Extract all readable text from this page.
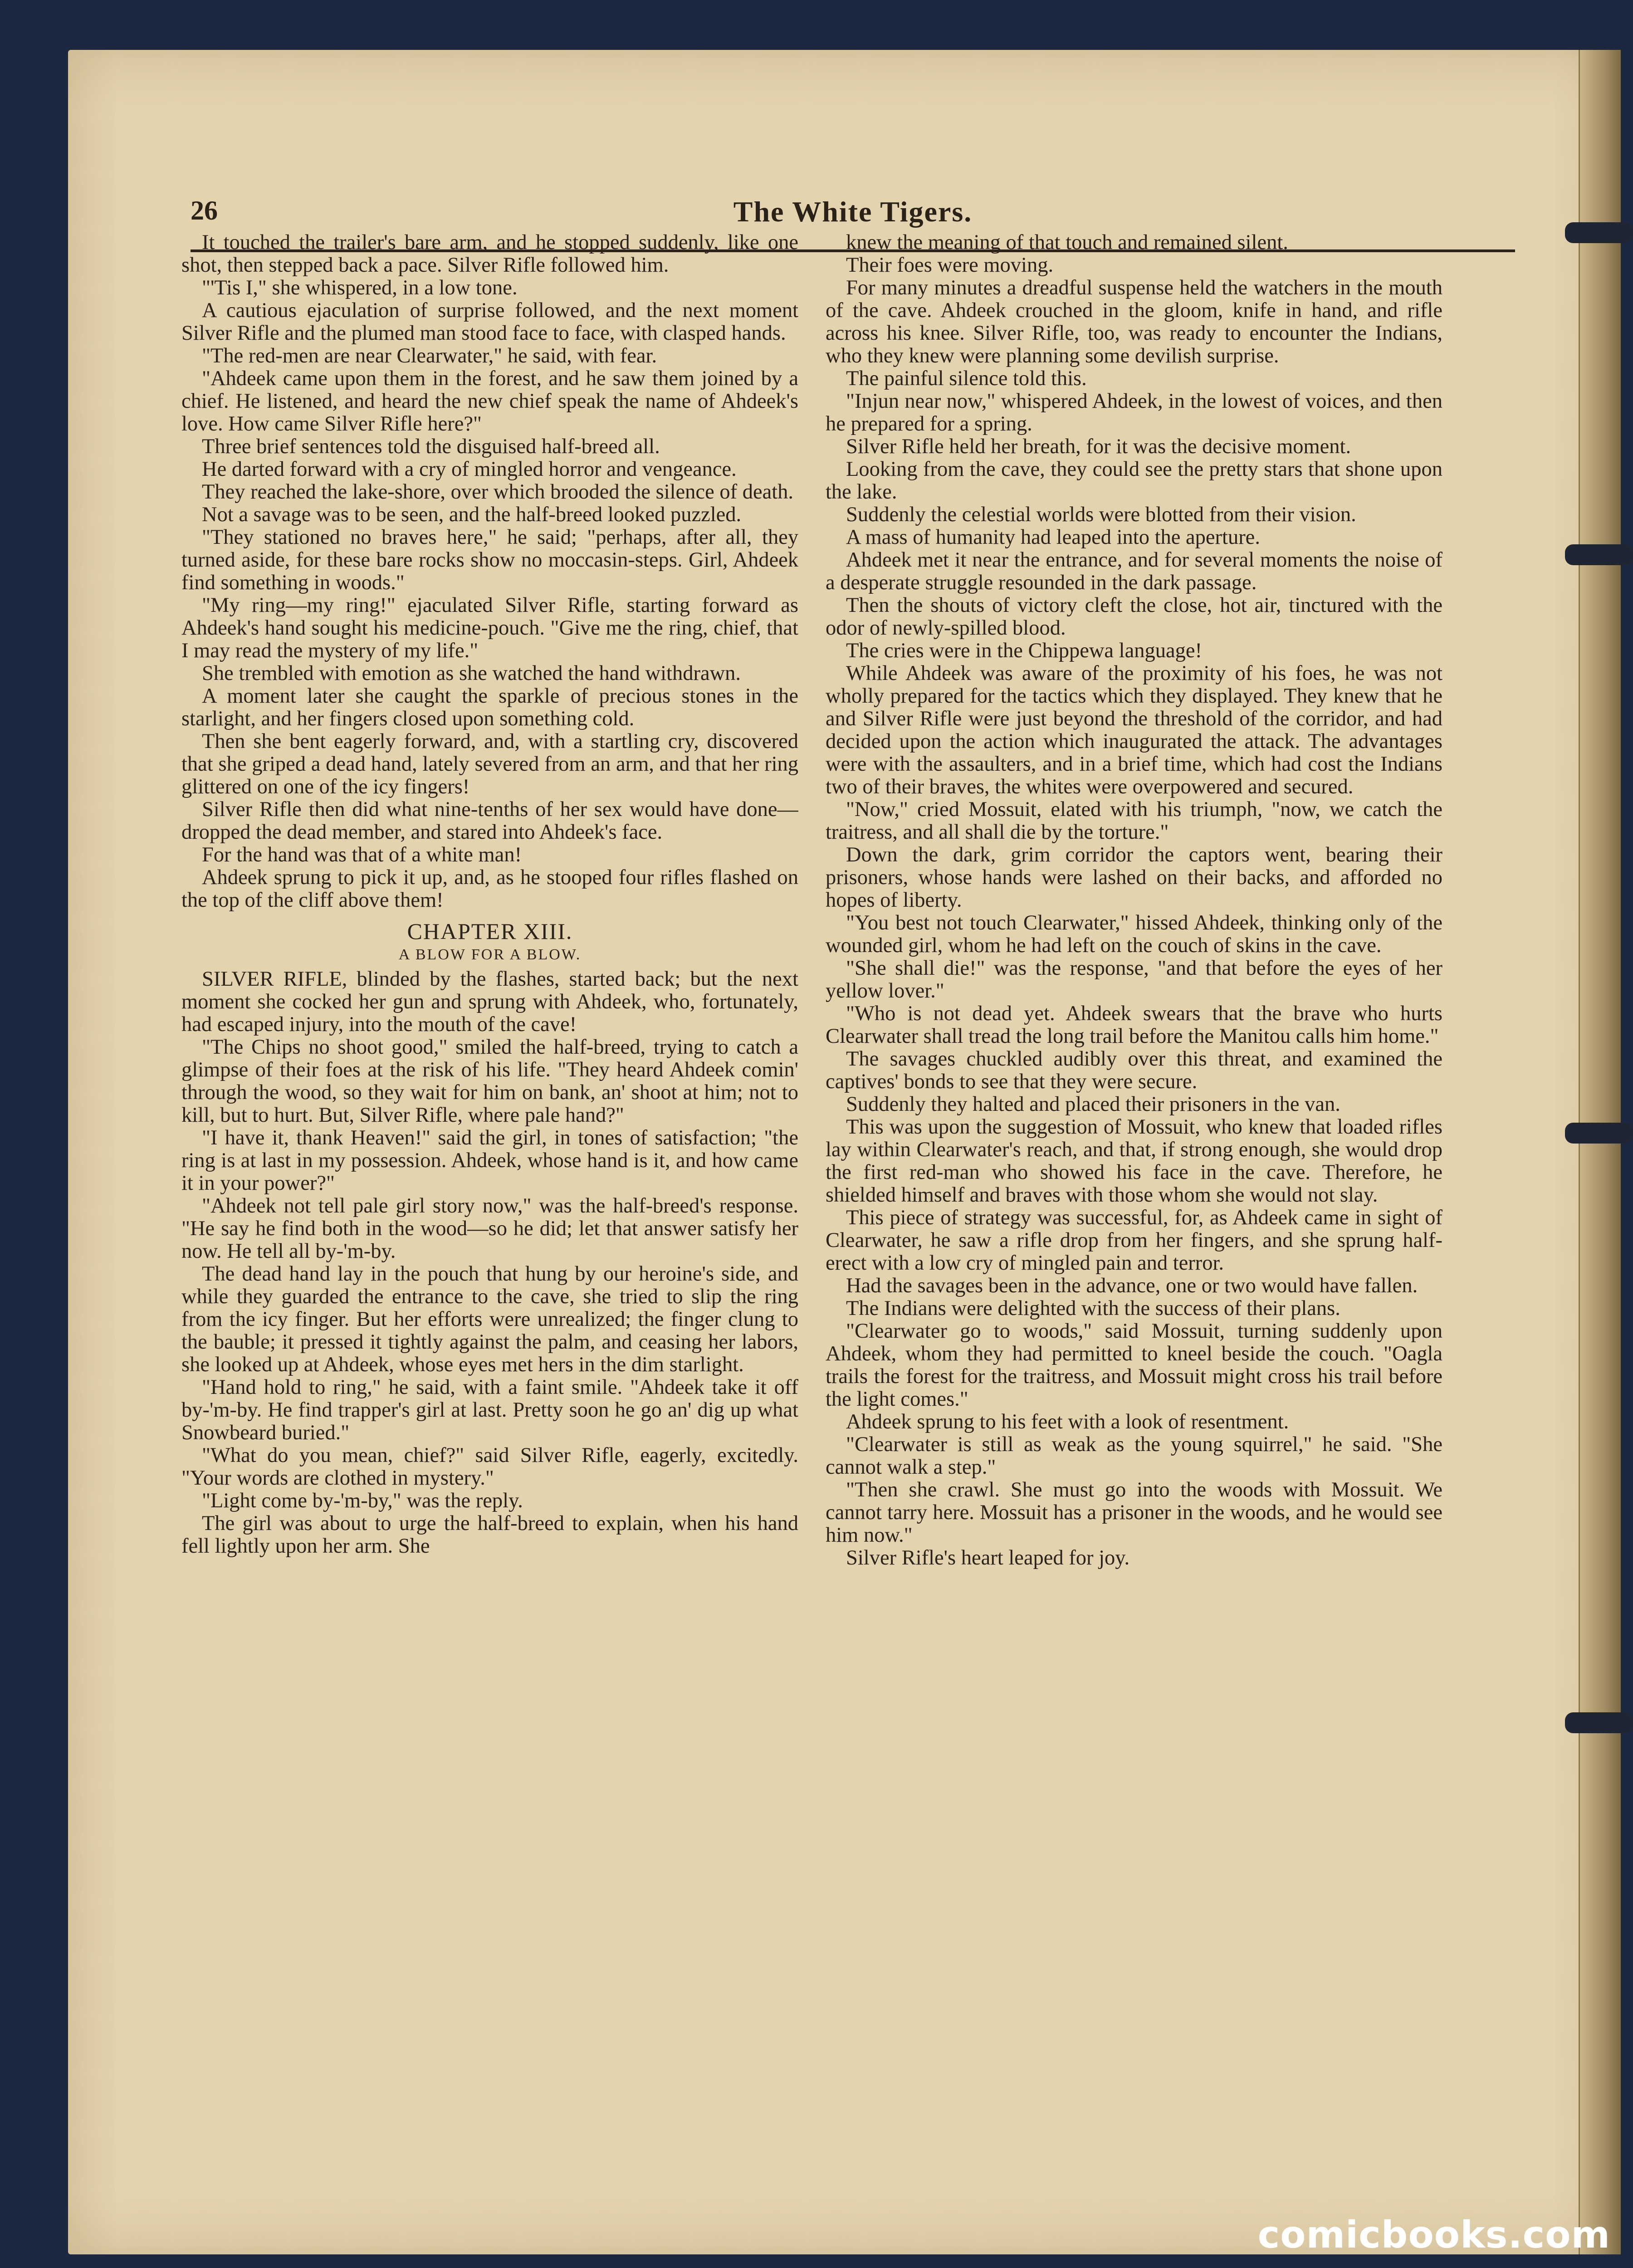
26	The White Tigers.

It touched the trailer's bare arm, and he stopped suddenly, like one shot, then stepped back a pace. Silver Rifle followed him.

"'Tis I," she whispered, in a low tone.

A cautious ejaculation of surprise followed, and the next moment Silver Rifle and the plumed man stood face to face, with clasped hands.

"The red-men are near Clearwater," he said, with fear.

"Ahdeek came upon them in the forest, and he saw them joined by a chief. He listened, and heard the new chief speak the name of Ahdeek's love. How came Silver Rifle here?"

Three brief sentences told the disguised half-breed all.

He darted forward with a cry of mingled horror and vengeance.

They reached the lake-shore, over which brooded the silence of death.

Not a savage was to be seen, and the half-breed looked puzzled.

"They stationed no braves here," he said; "perhaps, after all, they turned aside, for these bare rocks show no moccasin-steps. Girl, Ahdeek find something in woods."

"My ring—my ring!" ejaculated Silver Rifle, starting forward as Ahdeek's hand sought his medicine-pouch. "Give me the ring, chief, that I may read the mystery of my life."

She trembled with emotion as she watched the hand withdrawn.

A moment later she caught the sparkle of precious stones in the starlight, and her fingers closed upon something cold.

Then she bent eagerly forward, and, with a startling cry, discovered that she griped a dead hand, lately severed from an arm, and that her ring glittered on one of the icy fingers!

Silver Rifle then did what nine-tenths of her sex would have done—dropped the dead member, and stared into Ahdeek's face.

For the hand was that of a white man!

Ahdeek sprung to pick it up, and, as he stooped four rifles flashed on the top of the cliff above them!

CHAPTER XIII.
A BLOW FOR A BLOW.

SILVER RIFLE, blinded by the flashes, started back; but the next moment she cocked her gun and sprung with Ahdeek, who, fortunately, had escaped injury, into the mouth of the cave!

"The Chips no shoot good," smiled the half-breed, trying to catch a glimpse of their foes at the risk of his life. "They heard Ahdeek comin' through the wood, so they wait for him on bank, an' shoot at him; not to kill, but to hurt. But, Silver Rifle, where pale hand?"

"I have it, thank Heaven!" said the girl, in tones of satisfaction; "the ring is at last in my possession. Ahdeek, whose hand is it, and how came it in your power?"

"Ahdeek not tell pale girl story now," was the half-breed's response. "He say he find both in the wood—so he did; let that answer satisfy her now. He tell all by-'m-by.

The dead hand lay in the pouch that hung by our heroine's side, and while they guarded the entrance to the cave, she tried to slip the ring from the icy finger. But her efforts were unrealized; the finger clung to the bauble; it pressed it tightly against the palm, and ceasing her labors, she looked up at Ahdeek, whose eyes met hers in the dim starlight.

"Hand hold to ring," he said, with a faint smile. "Ahdeek take it off by-'m-by. He find trapper's girl at last. Pretty soon he go an' dig up what Snowbeard buried."

"What do you mean, chief?" said Silver Rifle, eagerly, excitedly. "Your words are clothed in mystery."

"Light come by-'m-by," was the reply.

The girl was about to urge the half-breed to explain, when his hand fell lightly upon her arm. She

knew the meaning of that touch and remained silent.

Their foes were moving.

For many minutes a dreadful suspense held the watchers in the mouth of the cave. Ahdeek crouched in the gloom, knife in hand, and rifle across his knee. Silver Rifle, too, was ready to encounter the Indians, who they knew were planning some devilish surprise.

The painful silence told this.

"Injun near now," whispered Ahdeek, in the lowest of voices, and then he prepared for a spring.

Silver Rifle held her breath, for it was the decisive moment.

Looking from the cave, they could see the pretty stars that shone upon the lake.

Suddenly the celestial worlds were blotted from their vision.

A mass of humanity had leaped into the aperture.

Ahdeek met it near the entrance, and for several moments the noise of a desperate struggle resounded in the dark passage.

Then the shouts of victory cleft the close, hot air, tinctured with the odor of newly-spilled blood.

The cries were in the Chippewa language!

While Ahdeek was aware of the proximity of his foes, he was not wholly prepared for the tactics which they displayed. They knew that he and Silver Rifle were just beyond the threshold of the corridor, and had decided upon the action which inaugurated the attack. The advantages were with the assaulters, and in a brief time, which had cost the Indians two of their braves, the whites were overpowered and secured.

"Now," cried Mossuit, elated with his triumph, "now, we catch the traitress, and all shall die by the torture."

Down the dark, grim corridor the captors went, bearing their prisoners, whose hands were lashed on their backs, and afforded no hopes of liberty.

"You best not touch Clearwater," hissed Ahdeek, thinking only of the wounded girl, whom he had left on the couch of skins in the cave.

"She shall die!" was the response, "and that before the eyes of her yellow lover."

"Who is not dead yet. Ahdeek swears that the brave who hurts Clearwater shall tread the long trail before the Manitou calls him home."

The savages chuckled audibly over this threat, and examined the captives' bonds to see that they were secure.

Suddenly they halted and placed their prisoners in the van.

This was upon the suggestion of Mossuit, who knew that loaded rifles lay within Clearwater's reach, and that, if strong enough, she would drop the first red-man who showed his face in the cave. Therefore, he shielded himself and braves with those whom she would not slay.

This piece of strategy was successful, for, as Ahdeek came in sight of Clearwater, he saw a rifle drop from her fingers, and she sprung half-erect with a low cry of mingled pain and terror.

Had the savages been in the advance, one or two would have fallen.

The Indians were delighted with the success of their plans.

"Clearwater go to woods," said Mossuit, turning suddenly upon Ahdeek, whom they had permitted to kneel beside the couch. "Oagla trails the forest for the traitress, and Mossuit might cross his trail before the light comes."

Ahdeek sprung to his feet with a look of resentment.

"Clearwater is still as weak as the young squirrel," he said. "She cannot walk a step."

"Then she crawl. She must go into the woods with Mossuit. We cannot tarry here. Mossuit has a prisoner in the woods, and he would see him now."

Silver Rifle's heart leaped for joy.

comicbooks.com
